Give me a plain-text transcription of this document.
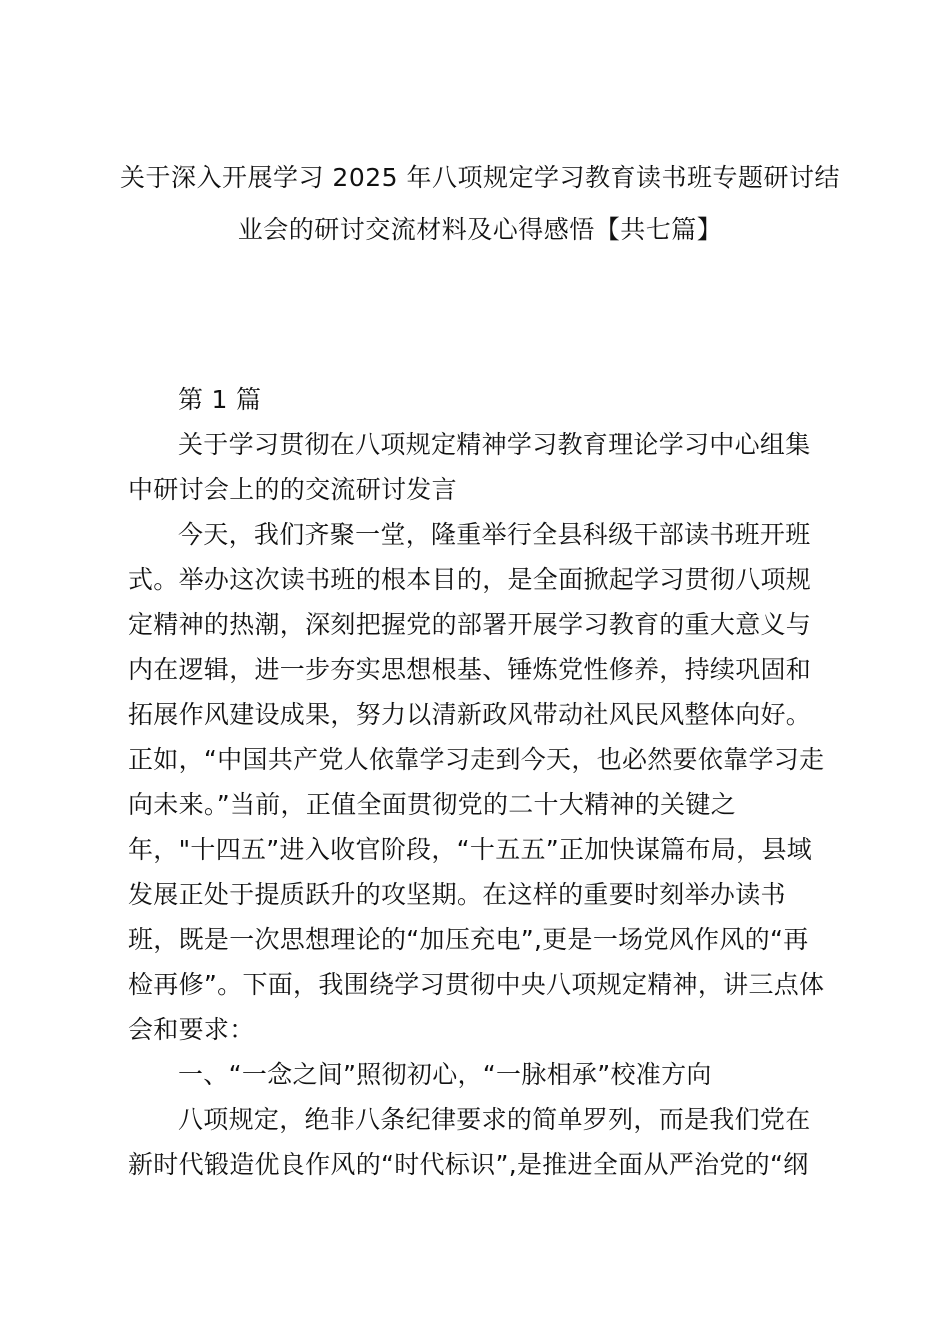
关于深入开展学习 2025 年八项规定学习教育读书班专题研讨结
业会的研讨交流材料及心得感悟【共七篇】
第 1 篇
关于学习贯彻在八项规定精神学习教育理论学习中心组集
中研讨会上的的交流研讨发言
今天，我们齐聚一堂，隆重举行全县科级干部读书班开班
式。举办这次读书班的根本目的，是全面掀起学习贯彻八项规
定精神的热潮，深刻把握党的部署开展学习教育的重大意义与
内在逻辑，进一步夯实思想根基、锤炼党性修养，持续巩固和
拓展作风建设成果，努力以清新政风带动社风民风整体向好。
正如，“中国共产党人依靠学习走到今天，也必然要依靠学习走
向未来。”当前，正值全面贯彻党的二十大精神的关键之
年，"十四五”进入收官阶段，“十五五”正加快谋篇布局，县域
发展正处于提质跃升的攻坚期。在这样的重要时刻举办读书
班，既是一次思想理论的“加压充电”,更是一场党风作风的“再
检再修”。下面，我围绕学习贯彻中央八项规定精神，讲三点体
会和要求：
一、“一念之间”照彻初心，“一脉相承”校准方向
八项规定，绝非八条纪律要求的简单罗列，而是我们党在
新时代锻造优良作风的“时代标识”,是推进全面从严治党的“纲
